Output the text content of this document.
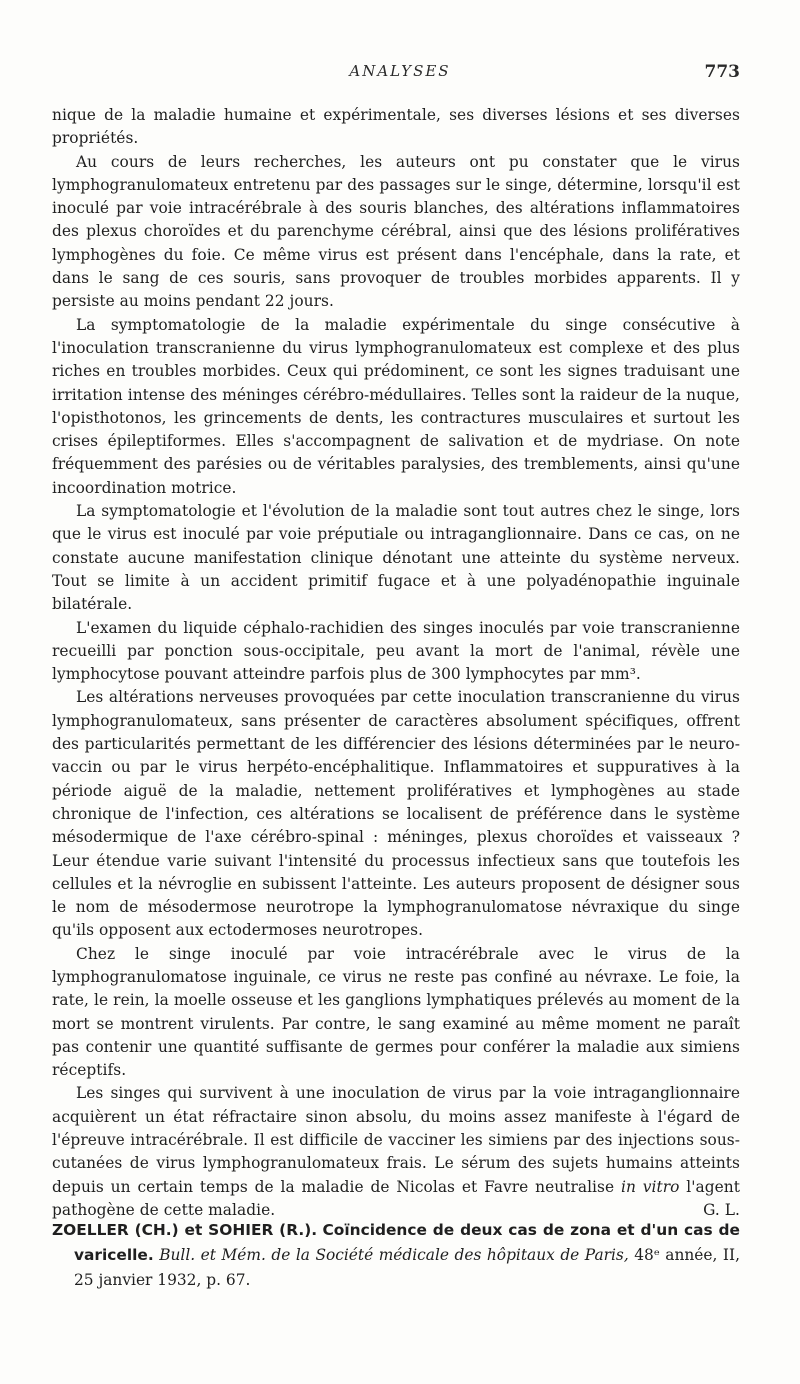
ANALYSES	773

nique de la maladie humaine et expérimentale, ses diverses lésions et ses diverses propriétés.

Au cours de leurs recherches, les auteurs ont pu constater que le virus lymphogranulomateux entretenu par des passages sur le singe, détermine, lorsqu'il est inoculé par voie intracérébrale à des souris blanches, des altérations inflammatoires des plexus choroïdes et du parenchyme cérébral, ainsi que des lésions prolifératives lymphogènes du foie. Ce même virus est présent dans l'encéphale, dans la rate, et dans le sang de ces souris, sans provoquer de troubles morbides apparents. Il y persiste au moins pendant 22 jours.

La symptomatologie de la maladie expérimentale du singe consécutive à l'inoculation transcranienne du virus lymphogranulomateux est complexe et des plus riches en troubles morbides. Ceux qui prédominent, ce sont les signes traduisant une irritation intense des méninges cérébro-médullaires. Telles sont la raideur de la nuque, l'opisthotonos, les grincements de dents, les contractures musculaires et surtout les crises épileptiformes. Elles s'accompagnent de salivation et de mydriase. On note fréquemment des parésies ou de véritables paralysies, des tremblements, ainsi qu'une incoordination motrice.

La symptomatologie et l'évolution de la maladie sont tout autres chez le singe, lors que le virus est inoculé par voie préputiale ou intraganglionnaire. Dans ce cas, on ne constate aucune manifestation clinique dénotant une atteinte du système nerveux. Tout se limite à un accident primitif fugace et à une polyadénopathie inguinale bilatérale.

L'examen du liquide céphalo-rachidien des singes inoculés par voie transcranienne recueilli par ponction sous-occipitale, peu avant la mort de l'animal, révèle une lymphocytose pouvant atteindre parfois plus de 300 lymphocytes par mm³.

Les altérations nerveuses provoquées par cette inoculation transcranienne du virus lymphogranulomateux, sans présenter de caractères absolument spécifiques, offrent des particularités permettant de les différencier des lésions déterminées par le neuro-vaccin ou par le virus herpéto-encéphalitique. Inflammatoires et suppuratives à la période aiguë de la maladie, nettement prolifératives et lymphogènes au stade chronique de l'infection, ces altérations se localisent de préférence dans le système mésodermique de l'axe cérébro-spinal : méninges, plexus choroïdes et vaisseaux ? Leur étendue varie suivant l'intensité du processus infectieux sans que toutefois les cellules et la névroglie en subissent l'atteinte. Les auteurs proposent de désigner sous le nom de mésodermose neurotrope la lymphogranulomatose névraxique du singe qu'ils opposent aux ectodermoses neurotropes.

Chez le singe inoculé par voie intracérébrale avec le virus de la lymphogranulomatose inguinale, ce virus ne reste pas confiné au névraxe. Le foie, la rate, le rein, la moelle osseuse et les ganglions lymphatiques prélevés au moment de la mort se montrent virulents. Par contre, le sang examiné au même moment ne paraît pas contenir une quantité suffisante de germes pour conférer la maladie aux simiens réceptifs.

Les singes qui survivent à une inoculation de virus par la voie intraganglionnaire acquièrent un état réfractaire sinon absolu, du moins assez manifeste à l'égard de l'épreuve intracérébrale. Il est difficile de vacciner les simiens par des injections sous-cutanées de virus lymphogranulomateux frais. Le sérum des sujets humains atteints depuis un certain temps de la maladie de Nicolas et Favre neutralise in vitro l'agent pathogène de cette maladie.	G. L.

ZOELLER (CH.) et SOHIER (R.). Coïncidence de deux cas de zona et d'un cas de varicelle. Bull. et Mém. de la Société médicale des hôpitaux de Paris, 48ᵉ année, II, 25 janvier 1932, p. 67.
